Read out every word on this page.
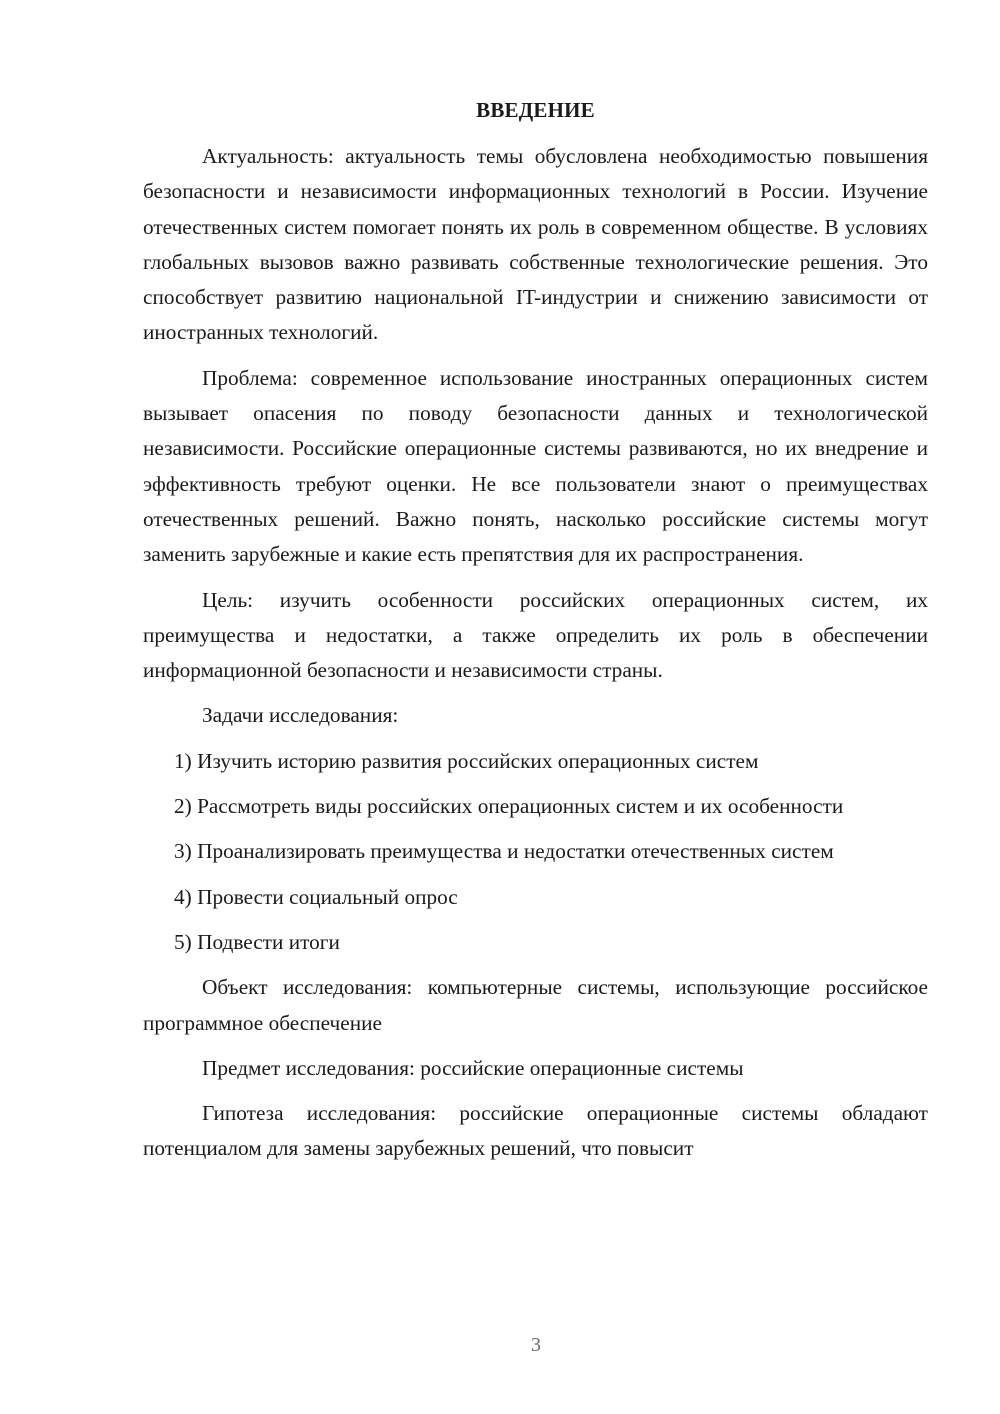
ВВЕДЕНИЕ

Актуальность: актуальность темы обусловлена необходимостью повышения безопасности и независимости информационных технологий в России. Изучение отечественных систем помогает понять их роль в современном обществе. В условиях глобальных вызовов важно развивать собственные технологические решения. Это способствует развитию национальной IT-индустрии и снижению зависимости от иностранных технологий.

Проблема: современное использование иностранных операционных систем вызывает опасения по поводу безопасности данных и технологической независимости. Российские операционные системы развиваются, но их внедрение и эффективность требуют оценки. Не все пользователи знают о преимуществах отечественных решений. Важно понять, насколько российские системы могут заменить зарубежные и какие есть препятствия для их распространения.

Цель: изучить особенности российских операционных систем, их преимущества и недостатки, а также определить их роль в обеспечении информационной безопасности и независимости страны.

Задачи исследования:

1) Изучить историю развития российских операционных систем

2) Рассмотреть виды российских операционных систем и их особенности

3) Проанализировать преимущества и недостатки отечественных систем

4) Провести социальный опрос

5) Подвести итоги

Объект исследования: компьютерные системы, использующие российское программное обеспечение

Предмет исследования: российские операционные системы

Гипотеза исследования: российские операционные системы обладают потенциалом для замены зарубежных решений, что повысит

3
